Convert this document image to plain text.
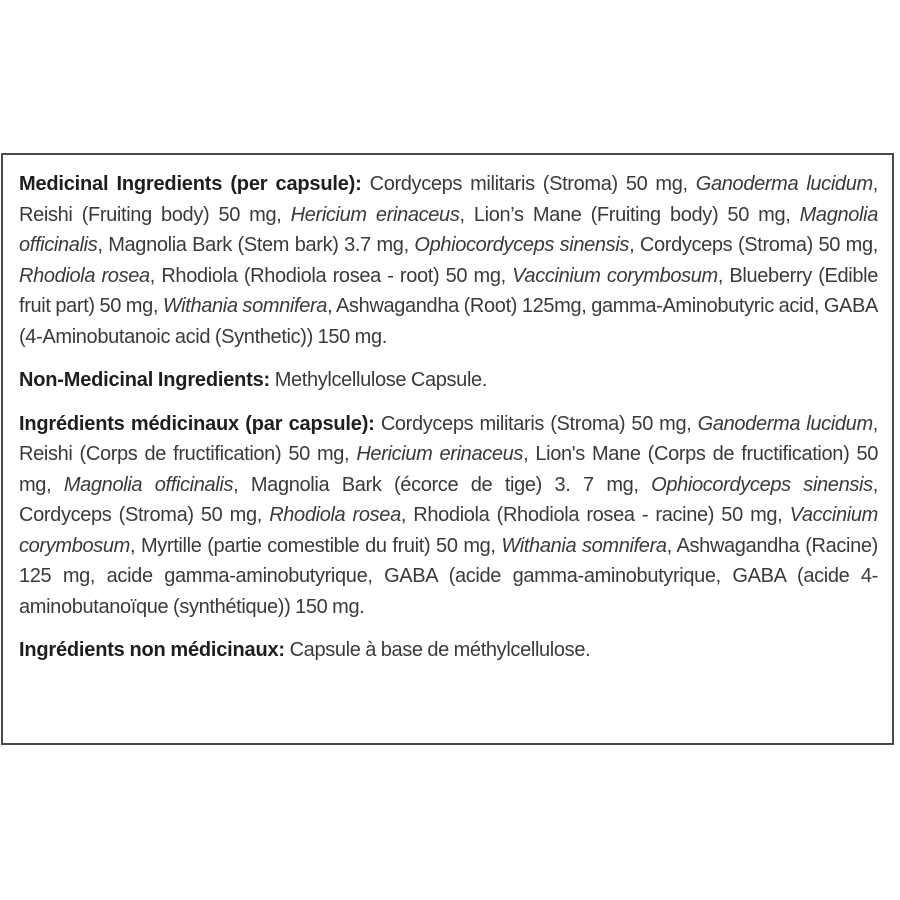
Medicinal Ingredients (per capsule): Cordyceps militaris (Stroma) 50 mg, Ganoderma lucidum, Reishi (Fruiting body) 50 mg, Hericium erinaceus, Lion’s Mane (Fruiting body) 50 mg, Magnolia officinalis, Magnolia Bark (Stem bark) 3.7 mg, Ophiocordyceps sinensis, Cordyceps (Stroma) 50 mg, Rhodiola rosea, Rhodiola (Rhodiola rosea - root) 50 mg, Vaccinium corymbosum, Blueberry (Edible fruit part) 50 mg, Withania somnifera, Ashwagandha (Root) 125mg, gamma-Aminobutyric acid, GABA (4-Aminobutanoic acid (Synthetic)) 150 mg.

Non-Medicinal Ingredients: Methylcellulose Capsule.

Ingrédients médicinaux (par capsule): Cordyceps militaris (Stroma) 50 mg, Ganoderma lucidum, Reishi (Corps de fructification) 50 mg, Hericium erinaceus, Lion's Mane (Corps de fructification) 50 mg, Magnolia officinalis, Magnolia Bark (écorce de tige) 3. 7 mg, Ophiocordyceps sinensis, Cordyceps (Stroma) 50 mg, Rhodiola rosea, Rhodiola (Rhodiola rosea - racine) 50 mg, Vaccinium corymbosum, Myrtille (partie comestible du fruit) 50 mg, Withania somnifera, Ashwagandha (Racine) 125 mg, acide gamma-aminobutyrique, GABA (acide gamma-aminobutyrique, GABA (acide 4-aminobutanoïque (synthétique)) 150 mg.

Ingrédients non médicinaux: Capsule à base de méthylcellulose.
